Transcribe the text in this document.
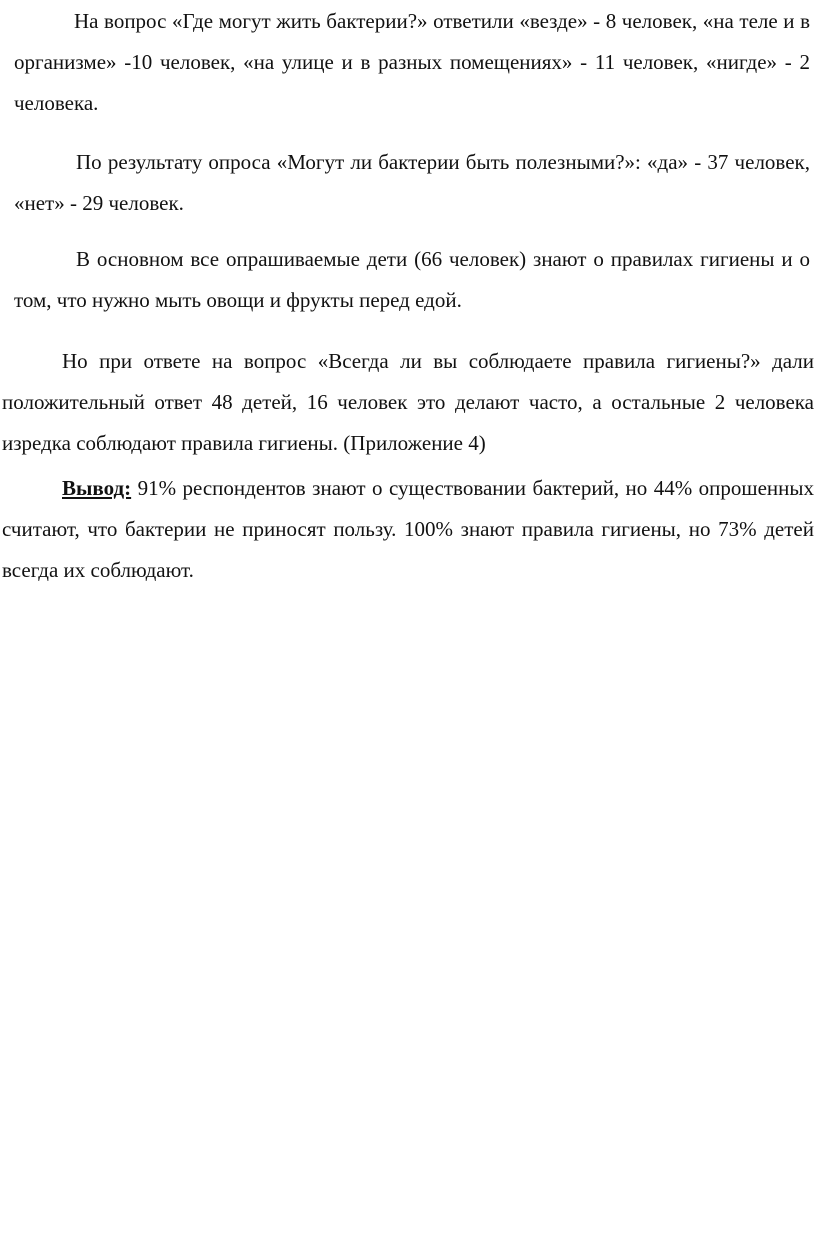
На вопрос «Где могут жить бактерии?» ответили «везде» - 8 человек, «на теле и в организме» -10 человек, «на улице и в разных помещениях» - 11 человек, «нигде» - 2 человека.

По результату опроса «Могут ли бактерии быть полезными?»: «да» - 37 человек, «нет» - 29 человек.

В основном все опрашиваемые дети (66 человек) знают о правилах гигиены и о том, что нужно мыть овощи и фрукты перед едой.

Но при ответе на вопрос «Всегда ли вы соблюдаете правила гигиены?» дали положительный ответ 48 детей, 16 человек это делают часто, а остальные 2 человека изредка соблюдают правила гигиены. (Приложение 4)

Вывод: 91% респондентов знают о существовании бактерий, но 44% опрошенных считают, что бактерии не приносят пользу. 100% знают правила гигиены, но 73% детей всегда их соблюдают.
